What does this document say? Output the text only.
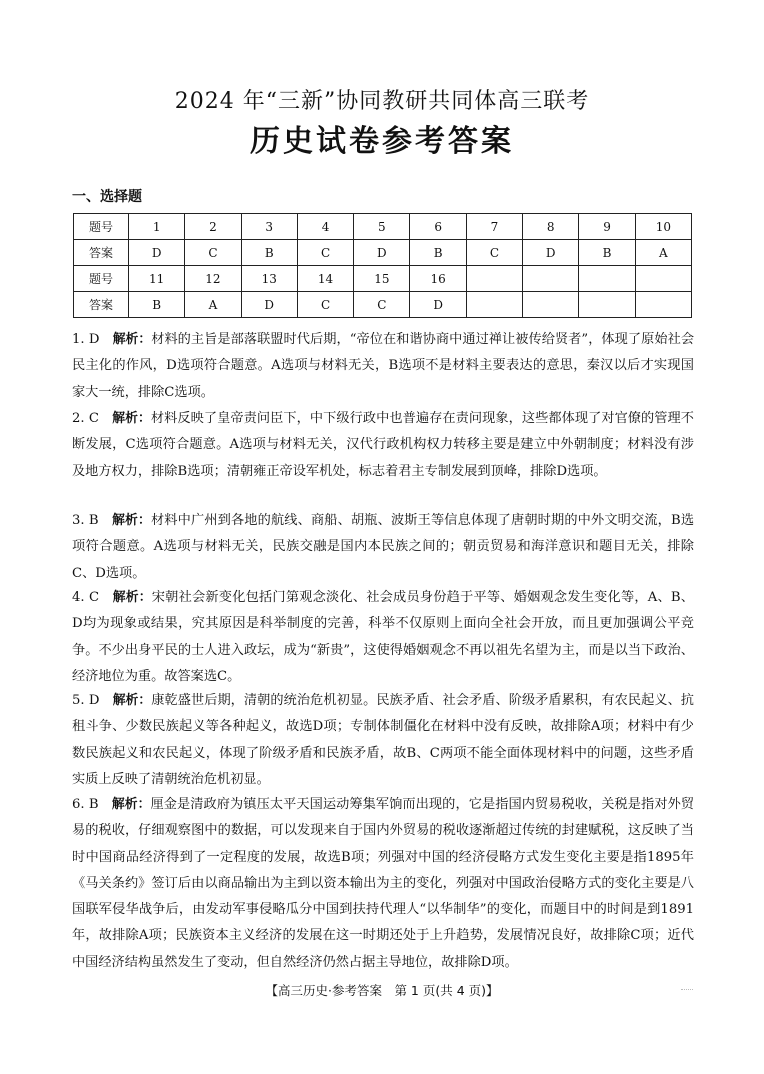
2024 年“三新”协同教研共同体高三联考
历史试卷参考答案
一、选择题
题号	1	2	3	4	5	6	7	8	9	10
答案	D	C	B	C	D	B	C	D	B	A
题号	11	12	13	14	15	16				
答案	B	A	D	C	C	D				

1. D　 解析：材料的主旨是部落联盟时代后期，“帝位在和谐协商中通过禅让被传给贤者”，体现了原始社会民主化的作风，D选项符合题意。A选项与材料无关，B选项不是材料主要表达的意思，秦汉以后才实现国家大一统，排除C选项。

2. C　 解析：材料反映了皇帝责问臣下，中下级行政中也普遍存在责问现象，这些都体现了对官僚的管理不断发展，C选项符合题意。A选项与材料无关，汉代行政机构权力转移主要是建立中外朝制度；材料没有涉及地方权力，排除B选项；清朝雍正帝设军机处，标志着君主专制发展到顶峰，排除D选项。

3. B　 解析：材料中广州到各地的航线、商船、胡瓶、波斯王等信息体现了唐朝时期的中外文明交流，B选项符合题意。A选项与材料无关，民族交融是国内本民族之间的；朝贡贸易和海洋意识和题目无关，排除C、D选项。

4. C　 解析：宋朝社会新变化包括门第观念淡化、社会成员身份趋于平等、婚姻观念发生变化等，A、B、D均为现象或结果，究其原因是科举制度的完善，科举不仅原则上面向全社会开放，而且更加强调公平竞争。不少出身平民的士人进入政坛，成为“新贵”，这使得婚姻观念不再以祖先名望为主，而是以当下政治、经济地位为重。故答案选C。

5. D　 解析：康乾盛世后期，清朝的统治危机初显。民族矛盾、社会矛盾、阶级矛盾累积，有农民起义、抗租斗争、少数民族起义等各种起义，故选D项；专制体制僵化在材料中没有反映，故排除A项；材料中有少数民族起义和农民起义，体现了阶级矛盾和民族矛盾，故B、C两项不能全面体现材料中的问题，这些矛盾实质上反映了清朝统治危机初显。

6. B　 解析：厘金是清政府为镇压太平天国运动筹集军饷而出现的，它是指国内贸易税收，关税是指对外贸易的税收，仔细观察图中的数据，可以发现来自于国内外贸易的税收逐渐超过传统的封建赋税，这反映了当时中国商品经济得到了一定程度的发展，故选B项；列强对中国的经济侵略方式发生变化主要是指1895年《马关条约》签订后由以商品输出为主到以资本输出为主的变化，列强对中国政治侵略方式的变化主要是八国联军侵华战争后，由发动军事侵略瓜分中国到扶持代理人“以华制华”的变化，而题目中的时间是到1891年，故排除A项；民族资本主义经济的发展在这一时期还处于上升趋势，发展情况良好，故排除C项；近代中国经济结构虽然发生了变动，但自然经济仍然占据主导地位，故排除D项。

【高三历史·参考答案　第 1 页(共 4 页)】
